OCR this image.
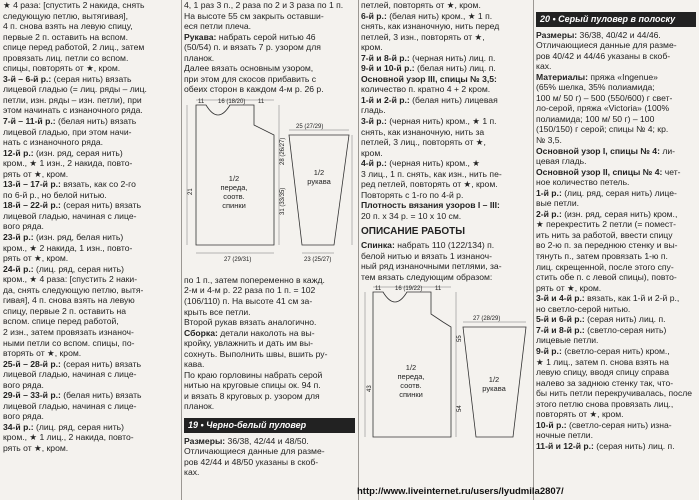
★ 4 раза: [спустить 2 накида, снять

следующую петлю, вытягивая],

4 п. снова взять на левую спицу,

первые 2 п. оставить на вспом.

спице перед работой, 2 лиц., затем

провязать лиц. петли со вспом.

спицы, повторять от ★, кром.

3-й – 6-й р.: (серая нить) вязать

лицевой гладью (= лиц. ряды – лиц.

петли, изн. ряды – изн. петли), при

этом начинать с изнаночного ряда.

7-й – 11-й р.: (белая нить) вязать

лицевой гладью, при этом начи-

нать с изнаночного ряда.

12-й р.: (изн. ряд, серая нить)

кром., ★ 1 изн., 2 накида, повто-

рять от ★, кром.

13-й – 17-й р.: вязать, как со 2-го

по 6-й р., но белой нитью.

18-й – 22-й р.: (серая нить) вязать

лицевой гладью, начиная с лице-

вого ряда.

23-й р.: (изн. ряд, белая нить)

кром., ★ 2 накида, 1 изн., повто-

рять от ★, кром.

24-й р.: (лиц. ряд, серая нить)

кром., ★ 4 раза: [спустить 2 нaки-

да, снять следующую петлю, вытя-

гивая], 4 п. снова взять на левую

спицу, первые 2 п. оставить на

вспом. спице перед работой,

2 изн., затем провязать изнаноч-

ными петли со вспом. спицы, по-

вторять от ★, кром.

25-й – 28-й р.: (серая нить) вязать

лицевой гладью, начиная с лице-

вого ряда.

29-й – 33-й р.: (белая нить) вязать

лицевой гладью, начиная с лице-

вого ряда.

34-й р.: (лиц. ряд, серая нить)

кром., ★ 1 лиц., 2 накида, повто-

рять от ★, кром.

4, 1 раз 3 п., 2 раза по 2 и 3 раза по 1 п.

На высоте 55 см закрыть оставши-

еся петли плеча.

Рукава: набрать серой нитью 46

(50/54) п. и вязать 7 р. узором для

планок.

Далее вязать основным узором,

при этом для скосов прибавить с

обеих сторон в каждом 4-м р. 26 р.

11 16 (18/20) 11
27 (29/31)
25 (27/29)
23 (25/27)
31 (33/35)
28 (26/27)
21
1/2
переда,
соотв.
спинки
1/2
рукава

по 1 п., затем попеременно в кажд.

2-м и 4-м р. 22 раза по 1 п. = 102

(106/110) п. На высоте 41 см за-

крыть все петли.

Второй рукав вязать аналогично.

Сборка: детали наколоть на вы-

кройку, увлажнить и дать им вы-

сохнуть. Выполнить швы, вшить ру-

кава.

По краю горловины набрать серой

нитью на круговые спицы ок. 94 п.

и вязать 8 круговых р. узором для

планок.

19 • Черно-белый пуловер

Размеры: 36/38, 42/44 и 48/50.

Отличающиеся данные для разме-

ров 42/44 и 48/50 указаны в скоб-

ках.

петлей, повторять от ★, кром.

6-й р.: (белая нить) кром., ★ 1 п.

снять, как изнаночную, нить перед

петлей, 3 изн., повторять от ★,

кром.

7-й и 8-й р.: (черная нить) лиц. п.

9-й и 10-й р.: (белая нить) лиц. п.

Основной узор III, спицы № 3,5:

количество п. кратно 4 + 2 кром.

1-й и 2-й р.: (белая нить) лицевая

гладь.

3-й р.: (черная нить) кром., ★ 1 п.

снять, как изнаночную, нить за

петлей, 3 лиц., повторять от ★,

кром.

4-й р.: (черная нить) кром., ★

3 лиц., 1 п. снять, как изн., нить пе-

ред петлей, повторять от ★, кром.

Повторять с 1-го по 4-й р.

Плотность вязания узоров I – III:

20 п. х 34 р. = 10 х 10 см.

ОПИСАНИЕ РАБОТЫ

Спинка: набрать 110 (122/134) п.

белой нитью и вязать 1 изнаноч-

ный ряд изнаночными петлями, за-

тем вязать следующим образом:

11 16 (19/22) 11
27 (28/29)
43
54
55
1/2
переда,
соотв.
спинки
1/2
рукава
20 • Серый пуловер в полоску

Размеры: 36/38, 40/42 и 44/46.

Отличающиеся данные для разме-

ров 40/42 и 44/46 указаны в скоб-

ках.

Материалы: пряжа «Ingenue»

(65% шелка, 35% полиамида;

100 м/ 50 г) – 500 (550/600) г свет-

ло-серой, пряжа «Victoria» (100%

полиамида; 100 м/ 50 г) – 100

(150/150) г серой; спицы № 4; кр.

№ 3,5.

Основной узор I, спицы № 4: ли-

цевая гладь.

Основной узор II, спицы № 4: чет-

ное количество петель.

1-й р.: (лиц. ряд, серая нить) лице-

вые петли.

2-й р.: (изн. ряд, серая нить) кром.,

★ перекрестить 2 петли (= помест-

ить нить за работой, ввести спицу

во 2-ю п. за переднюю стенку и вы-

тянуть п., затем провязать 1-ю п.

лиц. скрещенной, после этого спу-

стить обе п. с левой спицы), повто-

рять от ★, кром.

3-й и 4-й р.: вязать, как 1-й и 2-й р.,

но светло-серой нитью.

5-й и 6-й р.: (серая нить) лиц. п.

7-й и 8-й р.: (светло-серая нить)

лицевые петли.

9-й р.: (светло-серая нить) кром.,

★ 1 лиц., затем п. снова взять на

левую спицу, вводя спицу справа

налево за заднюю стенку так, что-

бы нить петли перекручивалась, после

этого петлю снова провязать лиц.,

повторять от ★, кром.

10-й р.: (светло-серая нить) изна-

ночные петли.

11-й и 12-й р.: (серая нить) лиц. п.

http://www.liveinternet.ru/users/lyudmila2807/
